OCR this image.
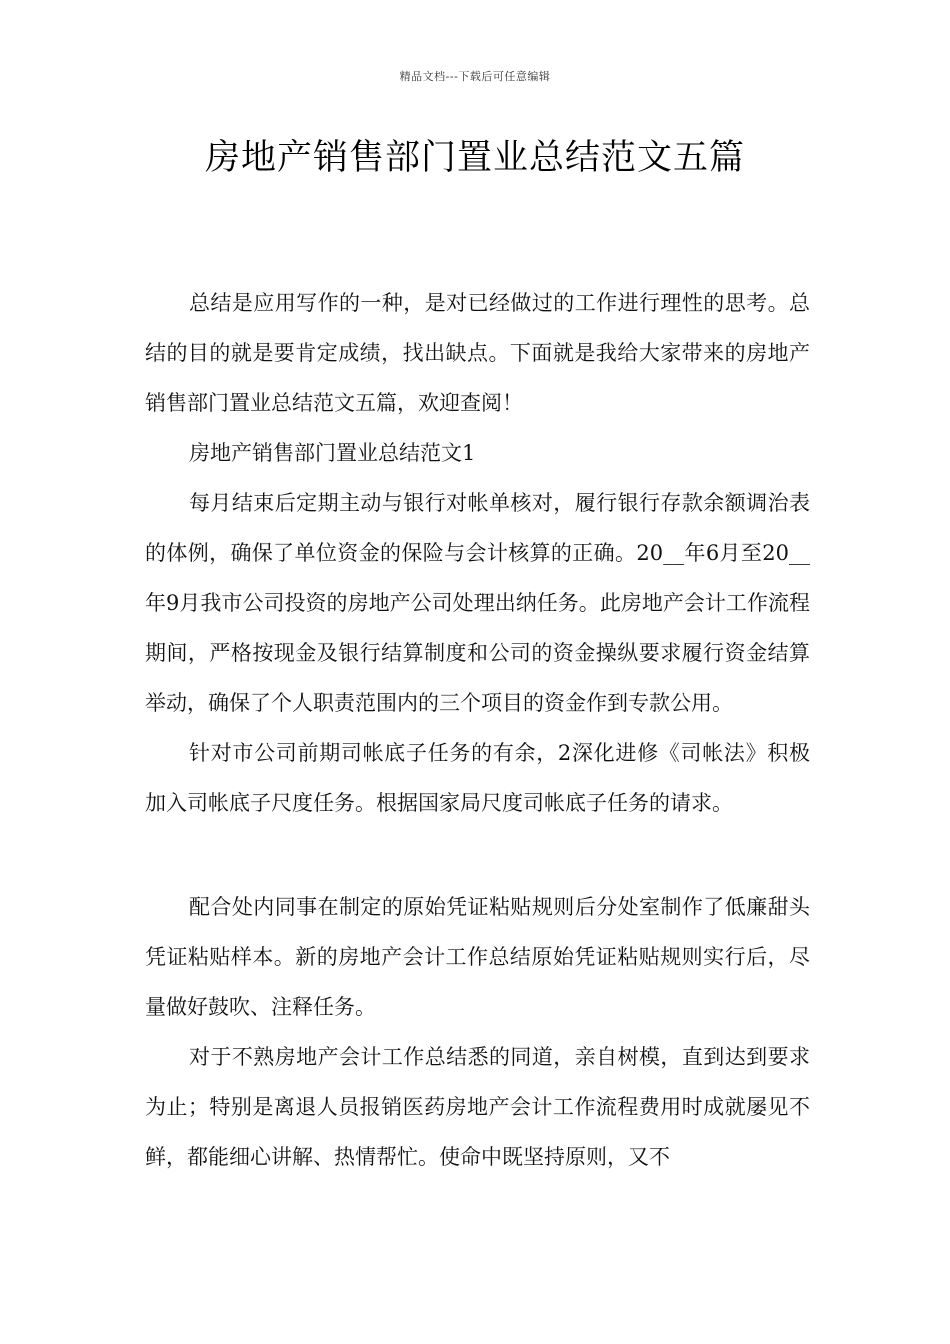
精品文档---下载后可任意编辑
房地产销售部门置业总结范文五篇

总结是应用写作的一种，是对已经做过的工作进行理性的思考。总结的目的就是要肯定成绩，找出缺点。下面就是我给大家带来的房地产销售部门置业总结范文五篇，欢迎查阅！

房地产销售部门置业总结范文1

每月结束后定期主动与银行对帐单核对，履行银行存款余额调治表的体例，确保了单位资金的保险与会计核算的正确。20__年6月至20__年9月我市公司投资的房地产公司处理出纳任务。此房地产会计工作流程期间，严格按现金及银行结算制度和公司的资金操纵要求履行资金结算举动，确保了个人职责范围内的三个项目的资金作到专款公用。

针对市公司前期司帐底子任务的有余，2深化进修《司帐法》积极加入司帐底子尺度任务。根据国家局尺度司帐底子任务的请求。

配合处内同事在制定的原始凭证粘贴规则后分处室制作了低廉甜头凭证粘贴样本。新的房地产会计工作总结原始凭证粘贴规则实行后，尽量做好鼓吹、注释任务。

对于不熟房地产会计工作总结悉的同道，亲自树模，直到达到要求为止；特别是离退人员报销医药房地产会计工作流程费用时成就屡见不鲜，都能细心讲解、热情帮忙。使命中既坚持原则，又不
